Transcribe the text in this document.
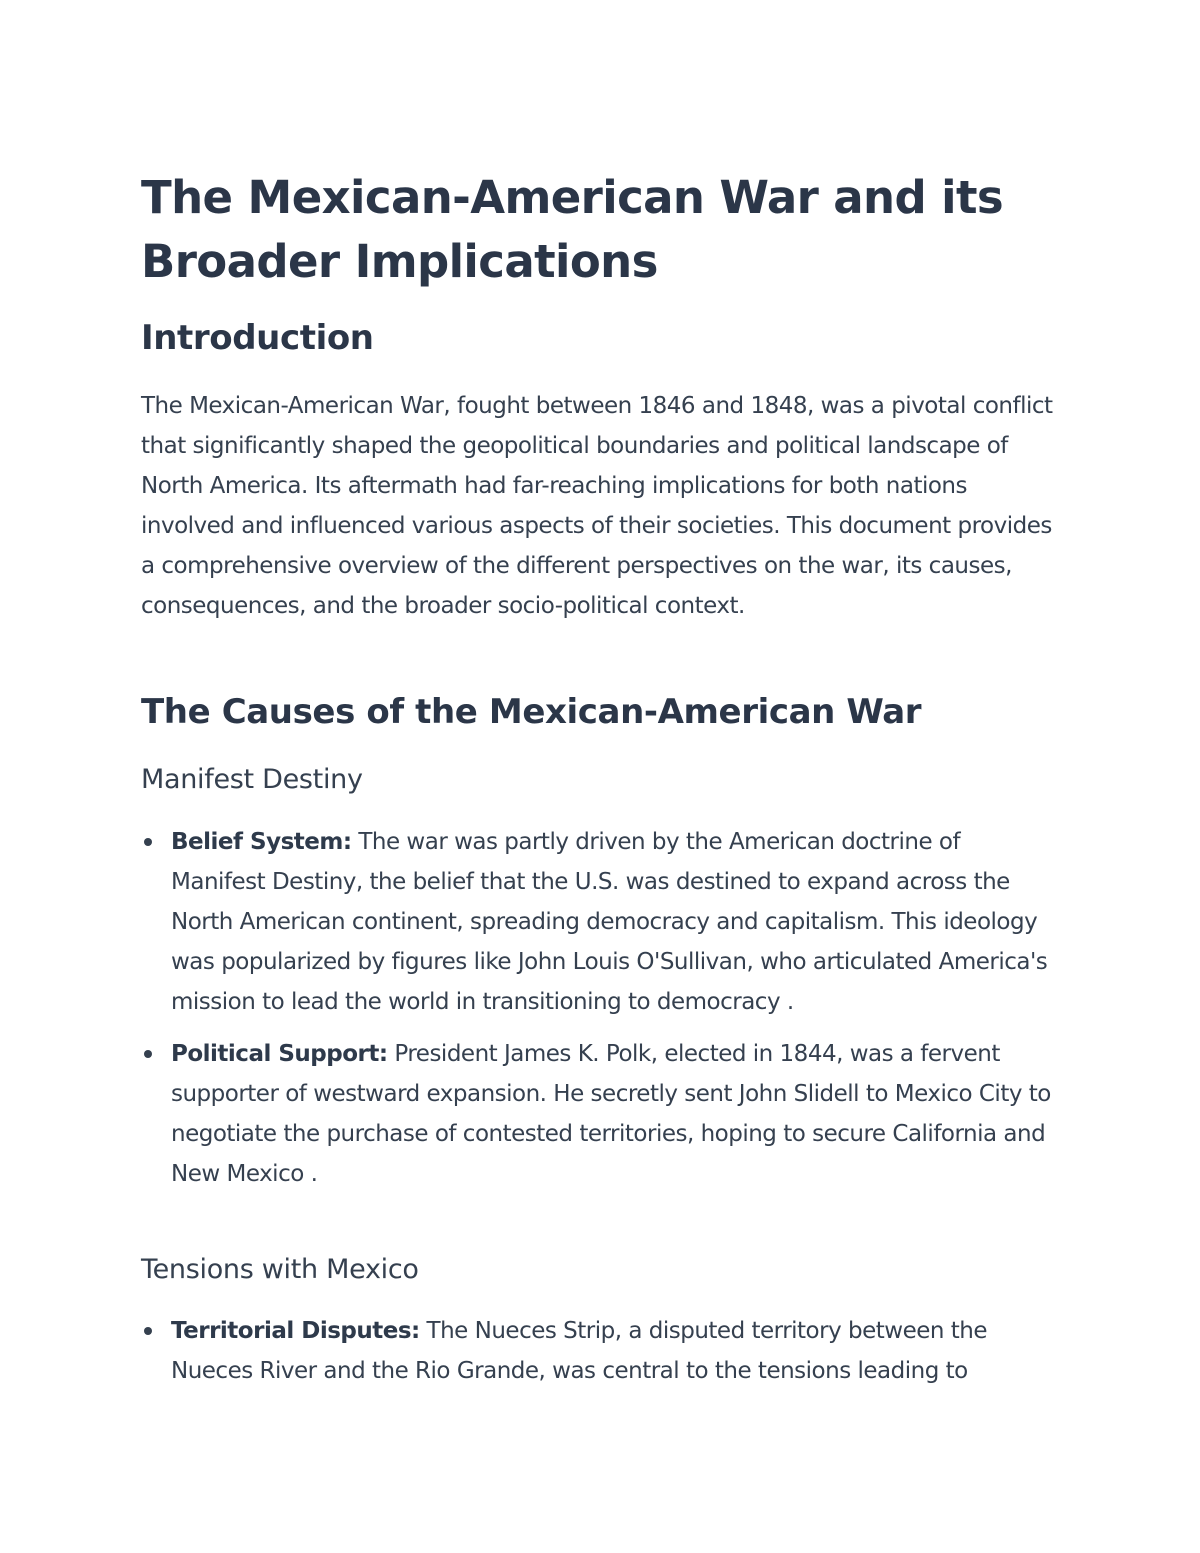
The Mexican-American War and its Broader Implications
Introduction

The Mexican-American War, fought between 1846 and 1848, was a pivotal conflict that significantly shaped the geopolitical boundaries and political landscape of North America. Its aftermath had far-reaching implications for both nations involved and influenced various aspects of their societies. This document provides a comprehensive overview of the different perspectives on the war, its causes, consequences, and the broader socio-political context.

The Causes of the Mexican-American War
Manifest Destiny
Belief System: The war was partly driven by the American doctrine of Manifest Destiny, the belief that the U.S. was destined to expand across the North American continent, spreading democracy and capitalism. This ideology was popularized by figures like John Louis O'Sullivan, who articulated America's mission to lead the world in transitioning to democracy .
Political Support: President James K. Polk, elected in 1844, was a fervent supporter of westward expansion. He secretly sent John Slidell to Mexico City to negotiate the purchase of contested territories, hoping to secure California and New Mexico .
Tensions with Mexico
Territorial Disputes: The Nueces Strip, a disputed territory between the Nueces River and the Rio Grande, was central to the tensions leading to
